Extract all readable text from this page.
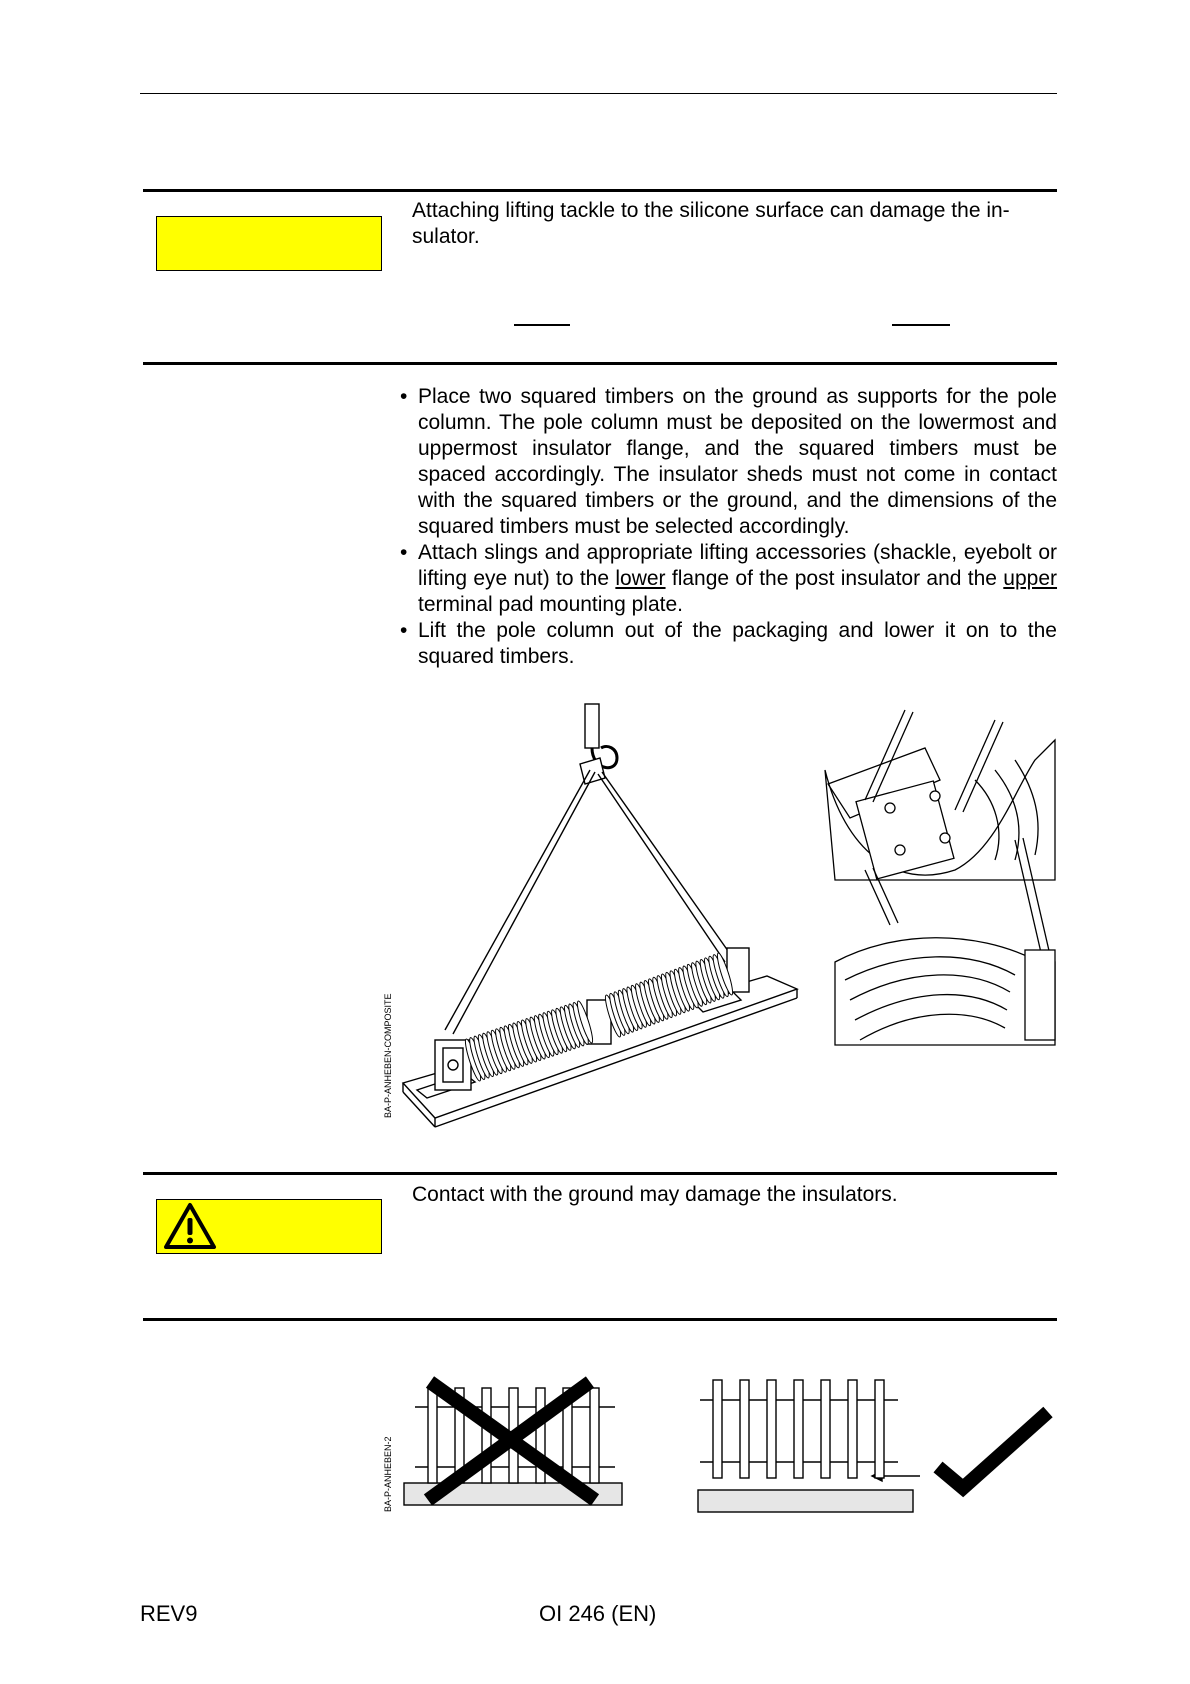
Attaching lifting tackle to the silicone surface can damage the in-
sulator.
• Place two squared timbers on the ground as supports for the pole column. The pole column must be deposited on the lowermost and uppermost insulator flange, and the squared timbers must be spaced accordingly. The insulator sheds must not come in contact with the squared timbers or the ground, and the dimensions of the squared timbers must be selected accordingly.
• Attach slings and appropriate lifting accessories (shackle, eyebolt or lifting eye nut) to the lower flange of the post insulator and the upper terminal pad mounting plate.
• Lift the pole column out of the packaging and lower it on to the squared timbers.
BA-P-ANHEBEN-COMPOSITE
Contact with the ground may damage the insulators.
BA-P-ANHEBEN-2
REV9	OI 246 (EN)
